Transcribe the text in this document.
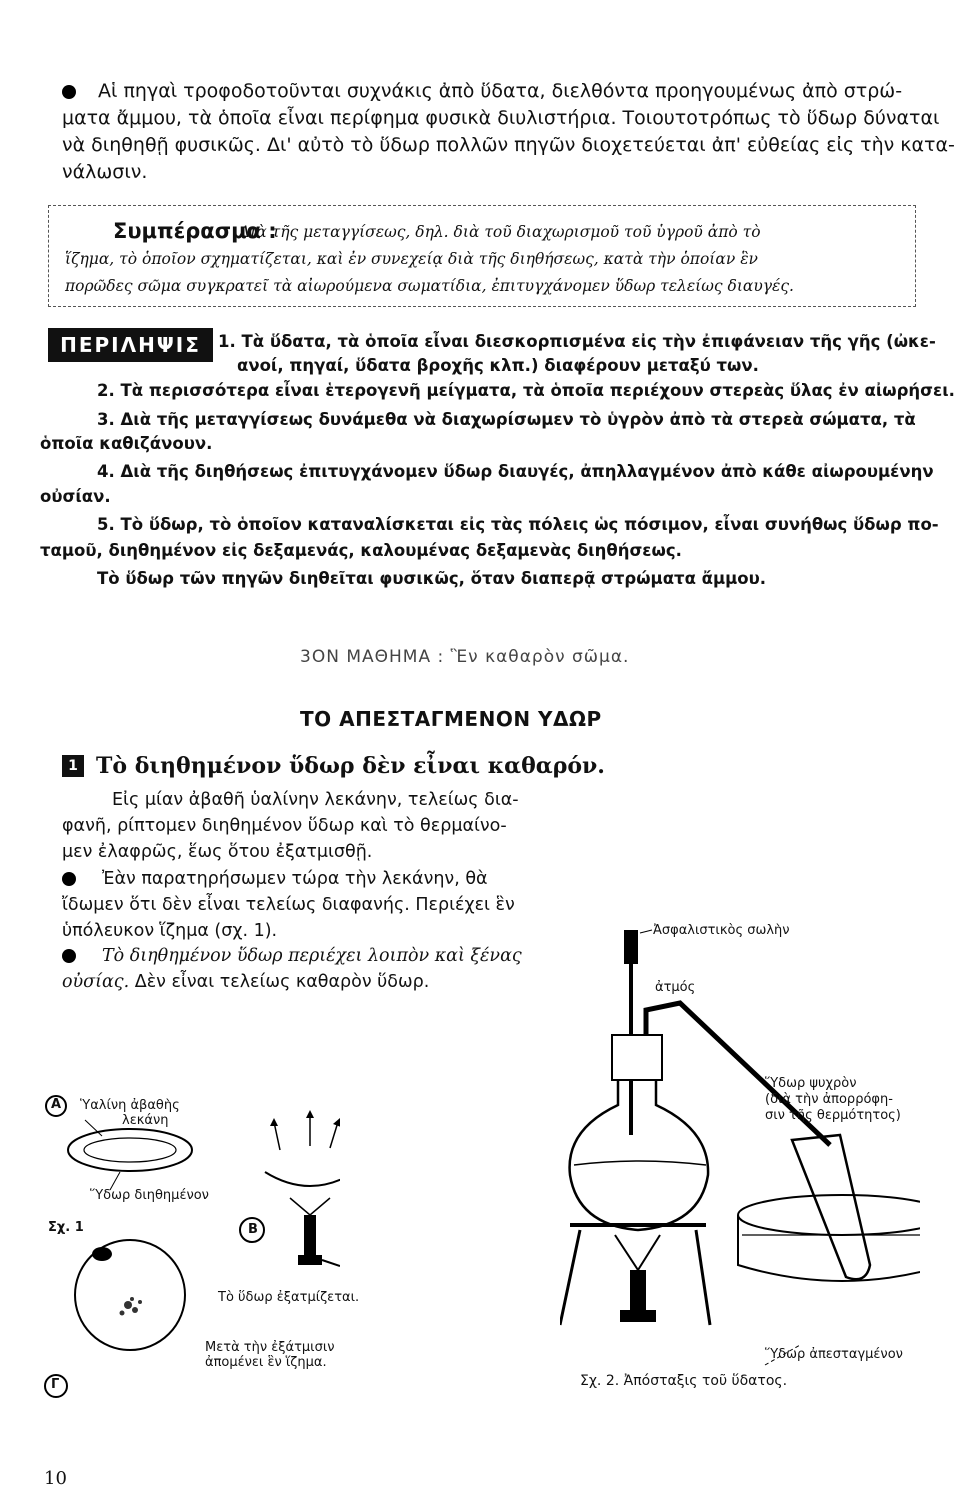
Αἱ πηγαὶ τροφοδοτοῦνται συχνάκις ἀπὸ ὕδατα, διελθόντα προηγουμένως ἀπὸ στρώ-
ματα ἄμμου, τὰ ὁποῖα εἶναι περίφημα φυσικὰ διυλιστήρια. Τοιουτοτρόπως τὸ ὕδωρ δύναται
νὰ διηθηθῇ φυσικῶς. Δι' αὐτὸ τὸ ὕδωρ πολλῶν πηγῶν διοχετεύεται ἀπ' εὐθείας εἰς τὴν κατα-
νάλωσιν.
Συμπέρασμα :
Διὰ τῆς μεταγγίσεως, δηλ. διὰ τοῦ διαχωρισμοῦ τοῦ ὑγροῦ ἀπὸ τὸ
ἵζημα, τὸ ὁποῖον σχηματίζεται, καὶ ἐν συνεχείᾳ διὰ τῆς διηθήσεως, κατὰ τὴν ὁποίαν ἓν
πορῶδες σῶμα συγκρατεῖ τὰ αἰωρούμενα σωματίδια, ἐπιτυγχάνομεν ὕδωρ τελείως διαυγές.
ΠΕΡΙΛΗΨΙΣ	1. Τὰ ὕδατα, τὰ ὁποῖα εἶναι διεσκορπισμένα εἰς τὴν ἐπιφάνειαν τῆς γῆς (ὠκε-
ανοί, πηγαί, ὕδατα βροχῆς κλπ.) διαφέρουν μεταξύ των.
2. Τὰ περισσότερα εἶναι ἑτερογενῆ μείγματα, τὰ ὁποῖα περιέχουν στερεὰς ὕλας ἐν αἰωρήσει.
3. Διὰ τῆς μεταγγίσεως δυνάμεθα νὰ διαχωρίσωμεν τὸ ὑγρὸν ἀπὸ τὰ στερεὰ σώματα, τὰ
ὁποῖα καθιζάνουν.
4. Διὰ τῆς διηθήσεως ἐπιτυγχάνομεν ὕδωρ διαυγές, ἀπηλλαγμένον ἀπὸ κάθε αἰωρουμένην
οὐσίαν.
5. Τὸ ὕδωρ, τὸ ὁποῖον καταναλίσκεται εἰς τὰς πόλεις ὡς πόσιμον, εἶναι συνήθως ὕδωρ πο-
ταμοῦ, διηθημένον εἰς δεξαμενάς, καλουμένας δεξαμενὰς διηθήσεως.
Τὸ ὕδωρ τῶν πηγῶν διηθεῖται φυσικῶς, ὅταν διαπερᾷ στρώματα ἄμμου.
3ΟΝ ΜΑΘΗΜΑ : Ἓν καθαρὸν σῶμα.
ΤΟ ΑΠΕΣΤΑΓΜΕΝΟΝ ΥΔΩΡ
1 Τὸ διηθημένον ὕδωρ δὲν εἶναι καθαρόν.
Εἰς μίαν ἀβαθῆ ὑαλίνην λεκάνην, τελείως δια-
φανῆ, ρίπτομεν διηθημένον ὕδωρ καὶ τὸ θερμαίνο-
μεν ἐλαφρῶς, ἕως ὅτου ἐξατμισθῇ.
Ἐὰν παρατηρήσωμεν τώρα τὴν λεκάνην, θὰ
ἴδωμεν ὅτι δὲν εἶναι τελείως διαφανής. Περιέχει ἓν
ὑπόλευκον ἵζημα (σχ. 1).
Τὸ διηθημένον ὕδωρ περιέχει λοιπὸν καὶ ξένας
οὐσίας. Δὲν εἶναι τελείως καθαρὸν ὕδωρ.
A
B
Γ
Ὑαλίνη ἀβαθὴς
λεκάνη
Ὕδωρ διηθημένον
Σχ. 1
Τὸ ὕδωρ ἐξατμίζεται.
Μετὰ τὴν ἐξάτμισιν
ἀπομένει ἓν ἵζημα.
Ἀσφαλιστικὸς σωλὴν
ἀτμός
Ὕδωρ ψυχρὸν
(διὰ τὴν ἀπορρόφη-
σιν τῆς θερμότητος)
Ὕδωρ ἀπεσταγμένον
Σχ. 2. Ἀπόσταξις τοῦ ὕδατος.
10
